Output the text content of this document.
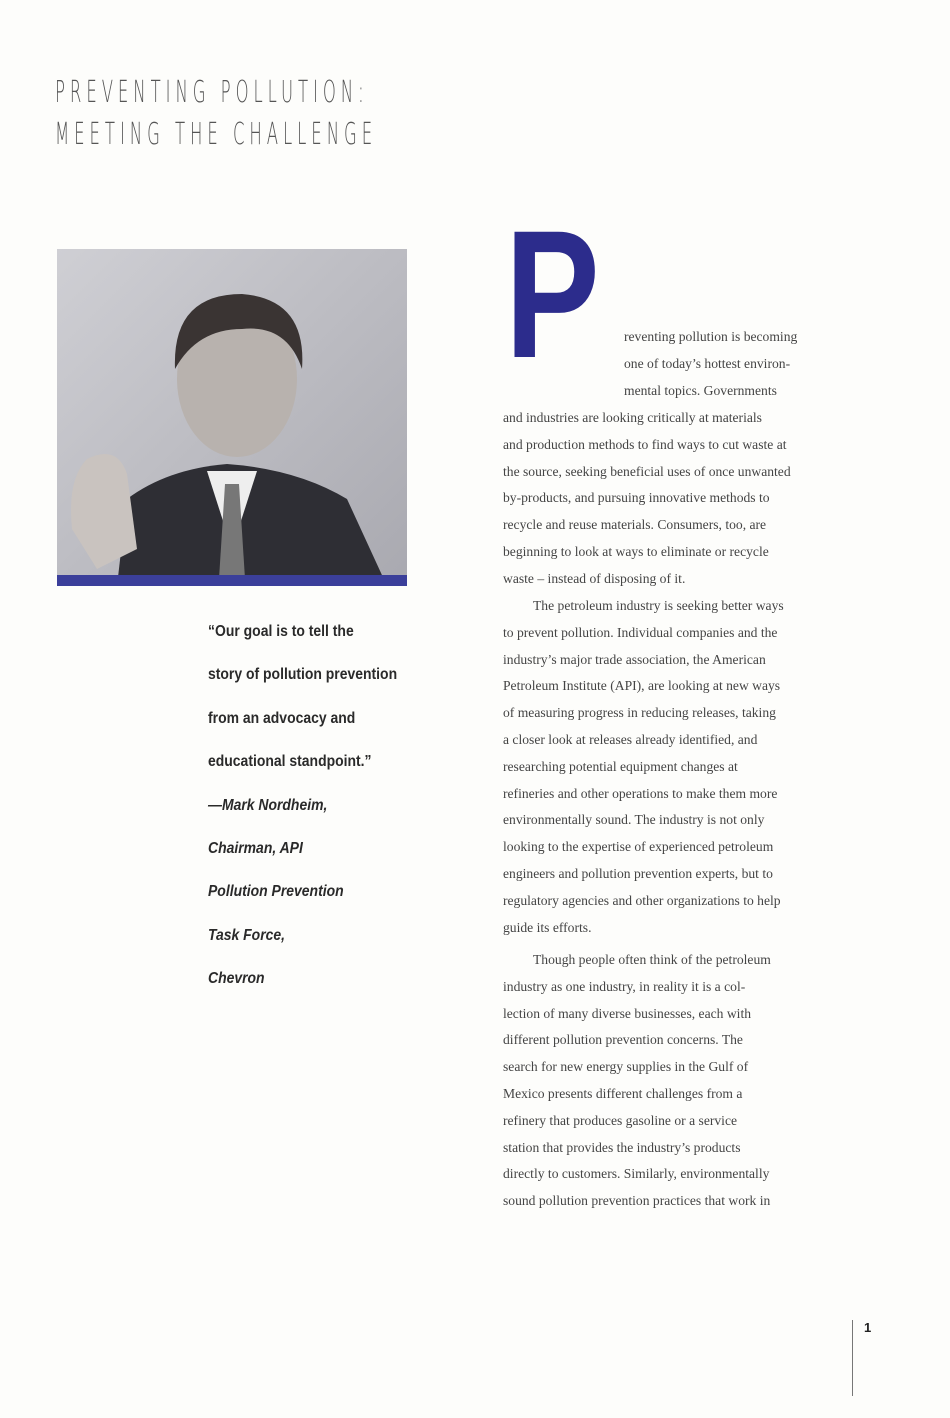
PREVENTING POLLUTION:
MEETING THE CHALLENGE
“Our goal is to tell the
story of pollution prevention
from an advocacy and
educational standpoint.”
—Mark Nordheim,
Chairman, API
Pollution Prevention
Task Force,
Chevron
P reventing pollution is becoming
one of today’s hottest environ-
mental topics. Governments
and industries are looking critically at materials
and production methods to find ways to cut waste at
the source, seeking beneficial uses of once unwanted
by-products, and pursuing innovative methods to
recycle and reuse materials. Consumers, too, are
beginning to look at ways to eliminate or recycle
waste – instead of disposing of it.
The petroleum industry is seeking better ways
to prevent pollution. Individual companies and the
industry’s major trade association, the American
Petroleum Institute (API), are looking at new ways
of measuring progress in reducing releases, taking
a closer look at releases already identified, and
researching potential equipment changes at
refineries and other operations to make them more
environmentally sound. The industry is not only
looking to the expertise of experienced petroleum
engineers and pollution prevention experts, but to
regulatory agencies and other organizations to help
guide its efforts.
Though people often think of the petroleum
industry as one industry, in reality it is a col-
lection of many diverse businesses, each with
different pollution prevention concerns. The
search for new energy supplies in the Gulf of
Mexico presents different challenges from a
refinery that produces gasoline or a service
station that provides the industry’s products
directly to customers. Similarly, environmentally
sound pollution prevention practices that work in
1
